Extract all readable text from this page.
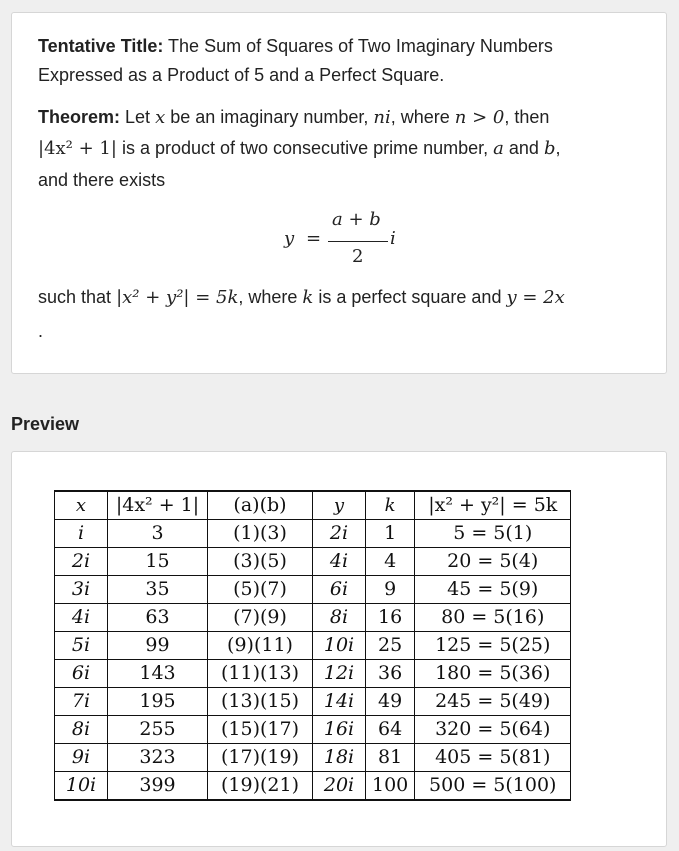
Tentative Title: The Sum of Squares of Two Imaginary Numbers
Expressed as a Product of 5 and a Perfect Square.
Theorem: Let x be an imaginary number, ni, where n > 0, then
|4x² + 1| is a product of two consecutive prime number, a and b,
and there exists
y =
a + b
2
i
such that |x² + y²| = 5k, where k is a perfect square and y = 2x
.
Preview
x	|4x² + 1|	(a)(b)	y	k	|x² + y²| = 5k
i	3	(1)(3)	2i	1	5 = 5(1)
2i	15	(3)(5)	4i	4	20 = 5(4)
3i	35	(5)(7)	6i	9	45 = 5(9)
4i	63	(7)(9)	8i	16	80 = 5(16)
5i	99	(9)(11)	10i	25	125 = 5(25)
6i	143	(11)(13)	12i	36	180 = 5(36)
7i	195	(13)(15)	14i	49	245 = 5(49)
8i	255	(15)(17)	16i	64	320 = 5(64)
9i	323	(17)(19)	18i	81	405 = 5(81)
10i	399	(19)(21)	20i	100	500 = 5(100)
